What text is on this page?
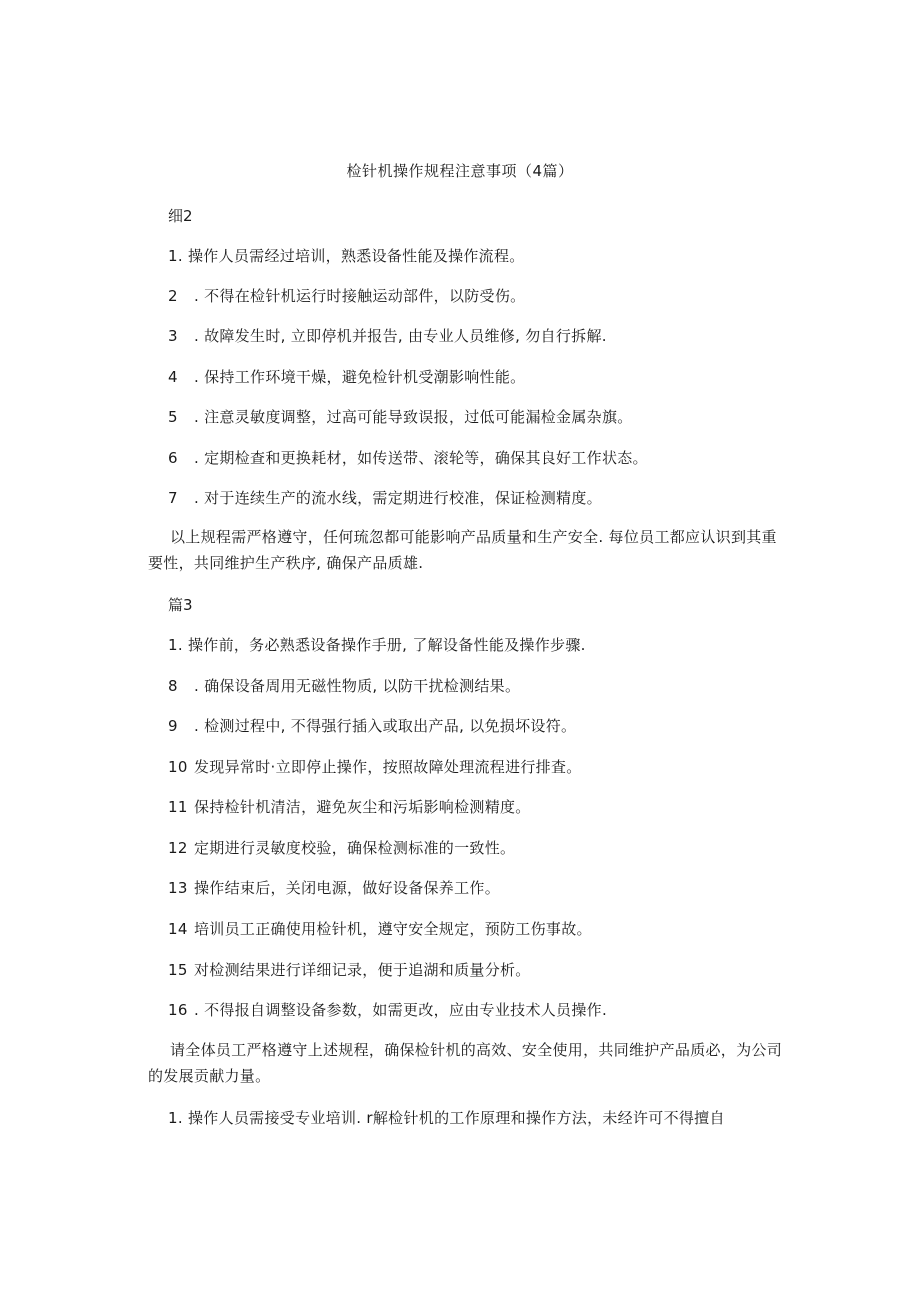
检针机操作规程注意事项（4篇）
细2
1. 操作人员需经过培训，熟悉设备性能及操作流程。
2 . 不得在检针机运行时接触运动部件，以防受伤。
3 . 故障发生时, 立即停机并报告, 由专业人员维修, 勿自行拆解.
4 . 保持工作环境干燥，避免检针机受潮影响性能。
5 . 注意灵敏度调整，过高可能导致误报，过低可能漏检金属杂旗。
6 . 定期检查和更换耗材，如传送带、滚轮等，确保其良好工作状态。
7 . 对于连续生产的流水线，需定期进行校准，保证检测精度。
以上规程需严格遵守，任何琉忽都可能影响产品质量和生产安全. 每位员工都应认识到其重要性，共同维护生产秩序, 确保产品质雄.
篇3
1. 操作前，务必熟悉设备操作手册, 了解设备性能及操作步骤.
8 . 确保设备周用无磁性物质, 以防干扰检测结果。
9 . 检测过程中, 不得强行插入或取出产品, 以免损坏设符。
10 发现异常时·立即停止操作，按照故障处理流程进行排査。
11 保持检针机清洁，避免灰尘和污垢影响检测精度。
12 定期进行灵敏度校验，确保检测标准的一致性。
13 操作结束后，关闭电源，做好设备保养工作。
14 培训员工正确使用检针机，遵守安全规定，预防工伤事故。
15 对检测结果进行详细记录，便于追湖和质量分析。
16 . 不得报自调整设备参数，如需更改，应由专业技术人员操作.
请全体员工严格遵守上述规程，确保检针机的高效、安全使用，共同维护产品质必，为公司的发展贡献力量。
1. 操作人员需接受专业培训. r解检针机的工作原理和操作方法，未经许可不得擅自
